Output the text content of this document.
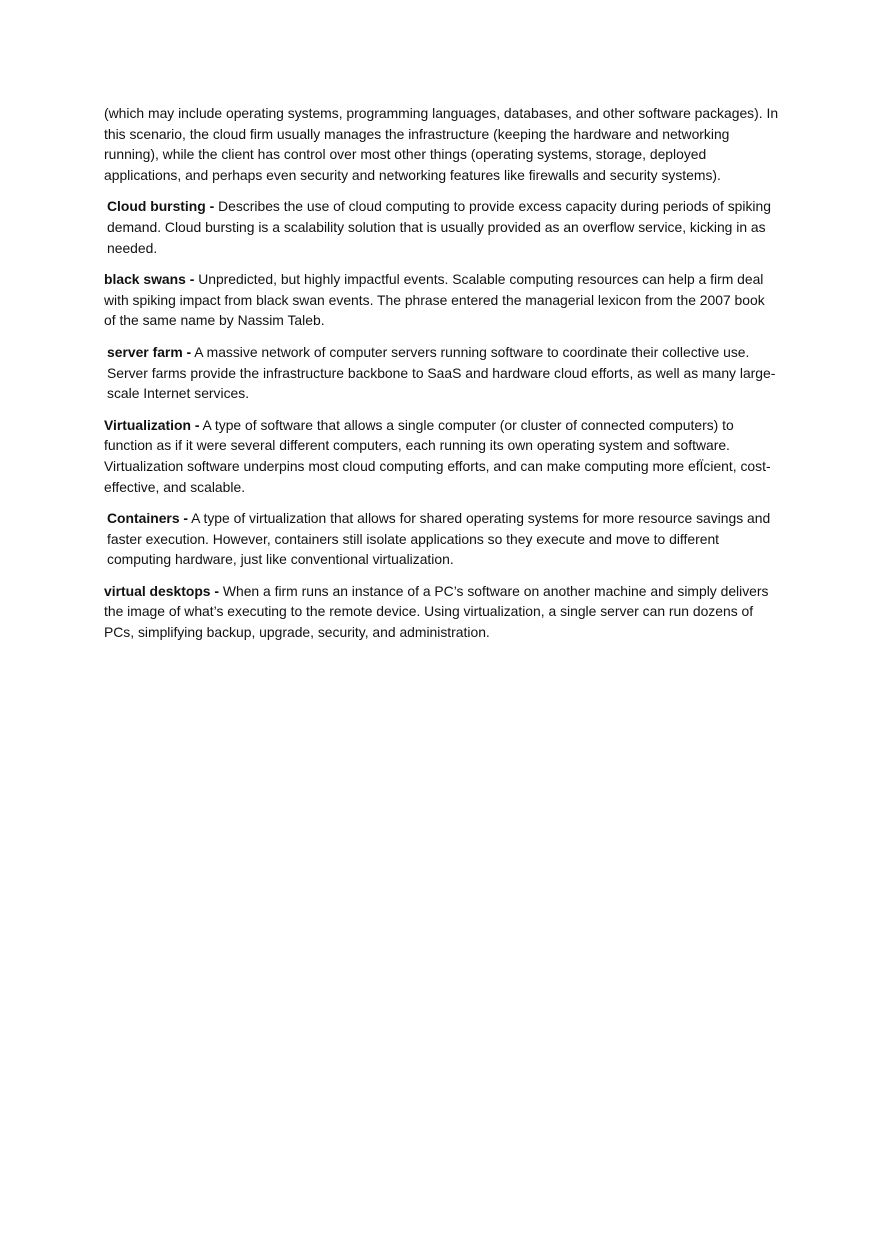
(which may include operating systems, programming languages, databases, and other software packages). In this scenario, the cloud firm usually manages the infrastructure (keeping the hardware and networking running), while the client has control over most other things (operating systems, storage, deployed applications, and perhaps even security and networking features like firewalls and security systems).

Cloud bursting - Describes the use of cloud computing to provide excess capacity during periods of spiking demand. Cloud bursting is a scalability solution that is usually provided as an overflow service, kicking in as needed.

black swans - Unpredicted, but highly impactful events. Scalable computing resources can help a firm deal with spiking impact from black swan events. The phrase entered the managerial lexicon from the 2007 book of the same name by Nassim Taleb.

server farm - A massive network of computer servers running software to coordinate their collective use. Server farms provide the infrastructure backbone to SaaS and hardware cloud efforts, as well as many large-scale Internet services.

Virtualization - A type of software that allows a single computer (or cluster of connected computers) to function as if it were several different computers, each running its own operating system and software. Virtualization software underpins most cloud computing efforts, and can make computing more efÏcient, cost-effective, and scalable.

Containers - A type of virtualization that allows for shared operating systems for more resource savings and faster execution. However, containers still isolate applications so they execute and move to different computing hardware, just like conventional virtualization.

virtual desktops - When a firm runs an instance of a PC’s software on another machine and simply delivers the image of what’s executing to the remote device. Using virtualization, a single server can run dozens of PCs, simplifying backup, upgrade, security, and administration.
